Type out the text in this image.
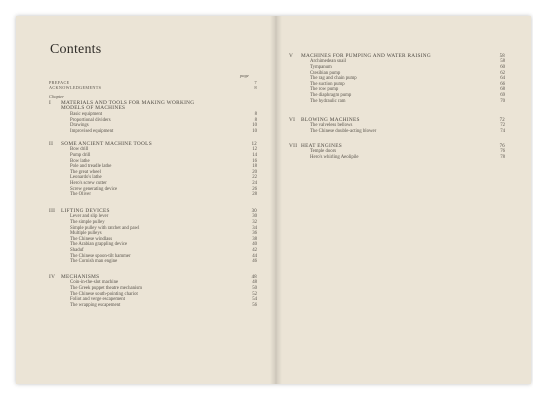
Contents
page
PREFACE	7
ACKNOWLEDGEMENTS	8
Chapter
I	MATERIALS AND TOOLS FOR MAKING WORKING
MODELS OF MACHINES
Basic equipment	8
Proportional dividers	8
Drawings	10
Improvised equipment	10
II	SOME ANCIENT MACHINE TOOLS	12
Bow drill	12
Pump drill	14
Bow lathe	16
Pole and treadle lathe	18
The great wheel	20
Leonardo's lathe	22
Hero's screw cutter	24
Screw generating device	26
The Oliver	28
III	LIFTING DEVICES	30
Lever and slip lever	30
The simple pulley	32
Simple pulley with ratchet and pawl	34
Multiple pulleys	36
The Chinese windlass	38
The Arabian grappling device	40
Shaduf	42
The Chinese spoon-tilt hammer	44
The Cornish man engine	46
IV	MECHANISMS	48
Coin-in-the-slot machine	48
The Greek puppet theatre mechanism	50
The Chinese south-pointing chariot	52
Foliot and verge escapement	54
The wrapping escapement	56
V	MACHINES FOR PUMPING AND WATER RAISING	58
Archimedean snail	58
Tympanum	60
Ctesibian pump	62
The rag and chain pump	64
The suction pump	66
The row pump	68
The diaphragm pump	69
The hydraulic ram	70
VI	BLOWING MACHINES	72
The valveless bellows	72
The Chinese double-acting blower	74
VII HEAT ENGINES	76
Temple doors	76
Hero's whirling Aeolipile	78
